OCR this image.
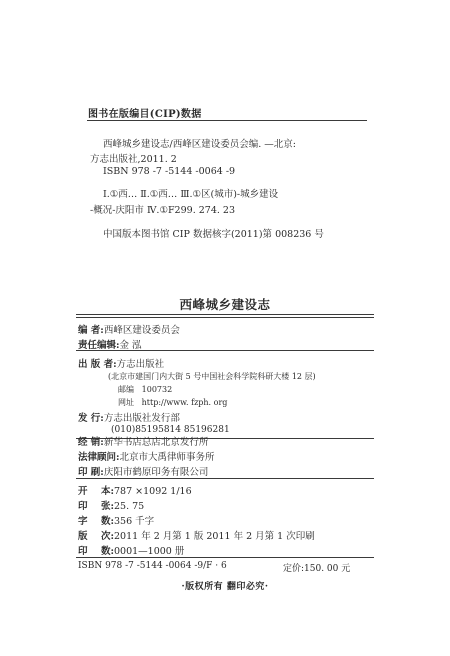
图书在版编目(CIP)数据
西峰城乡建设志/西峰区建设委员会编. —北京:
方志出版社,2011. 2
ISBN 978 -7 -5144 -0064 -9
Ⅰ.①西… Ⅱ.①西… Ⅲ.①区(城市)-城乡建设
-概况-庆阳市 Ⅳ.①F299. 274. 23
中国版本图书馆 CIP 数据核字(2011)第 008236 号
西峰城乡建设志
编 者:西峰区建设委员会
责任编辑:金 泓
出 版 者:方志出版社
(北京市建国门内大街 5 号中国社会科学院科研大楼 12 层)
邮编 100732
网址 http://www. fzph. org
发 行:方志出版社发行部
(010)85195814 85196281
经 销:新华书店总店北京发行所
法律顾问:北京市大禹律师事务所
印 刷:庆阳市鹤原印务有限公司
开 本:787 ×1092 1/16
印 张:25. 75
字 数:356 千字
版 次:2011 年 2 月第 1 版 2011 年 2 月第 1 次印刷
印 数:0001—1000 册
ISBN 978 -7 -5144 -0064 -9/F · 6	定价:150. 00 元
·版权所有 翻印必究·
